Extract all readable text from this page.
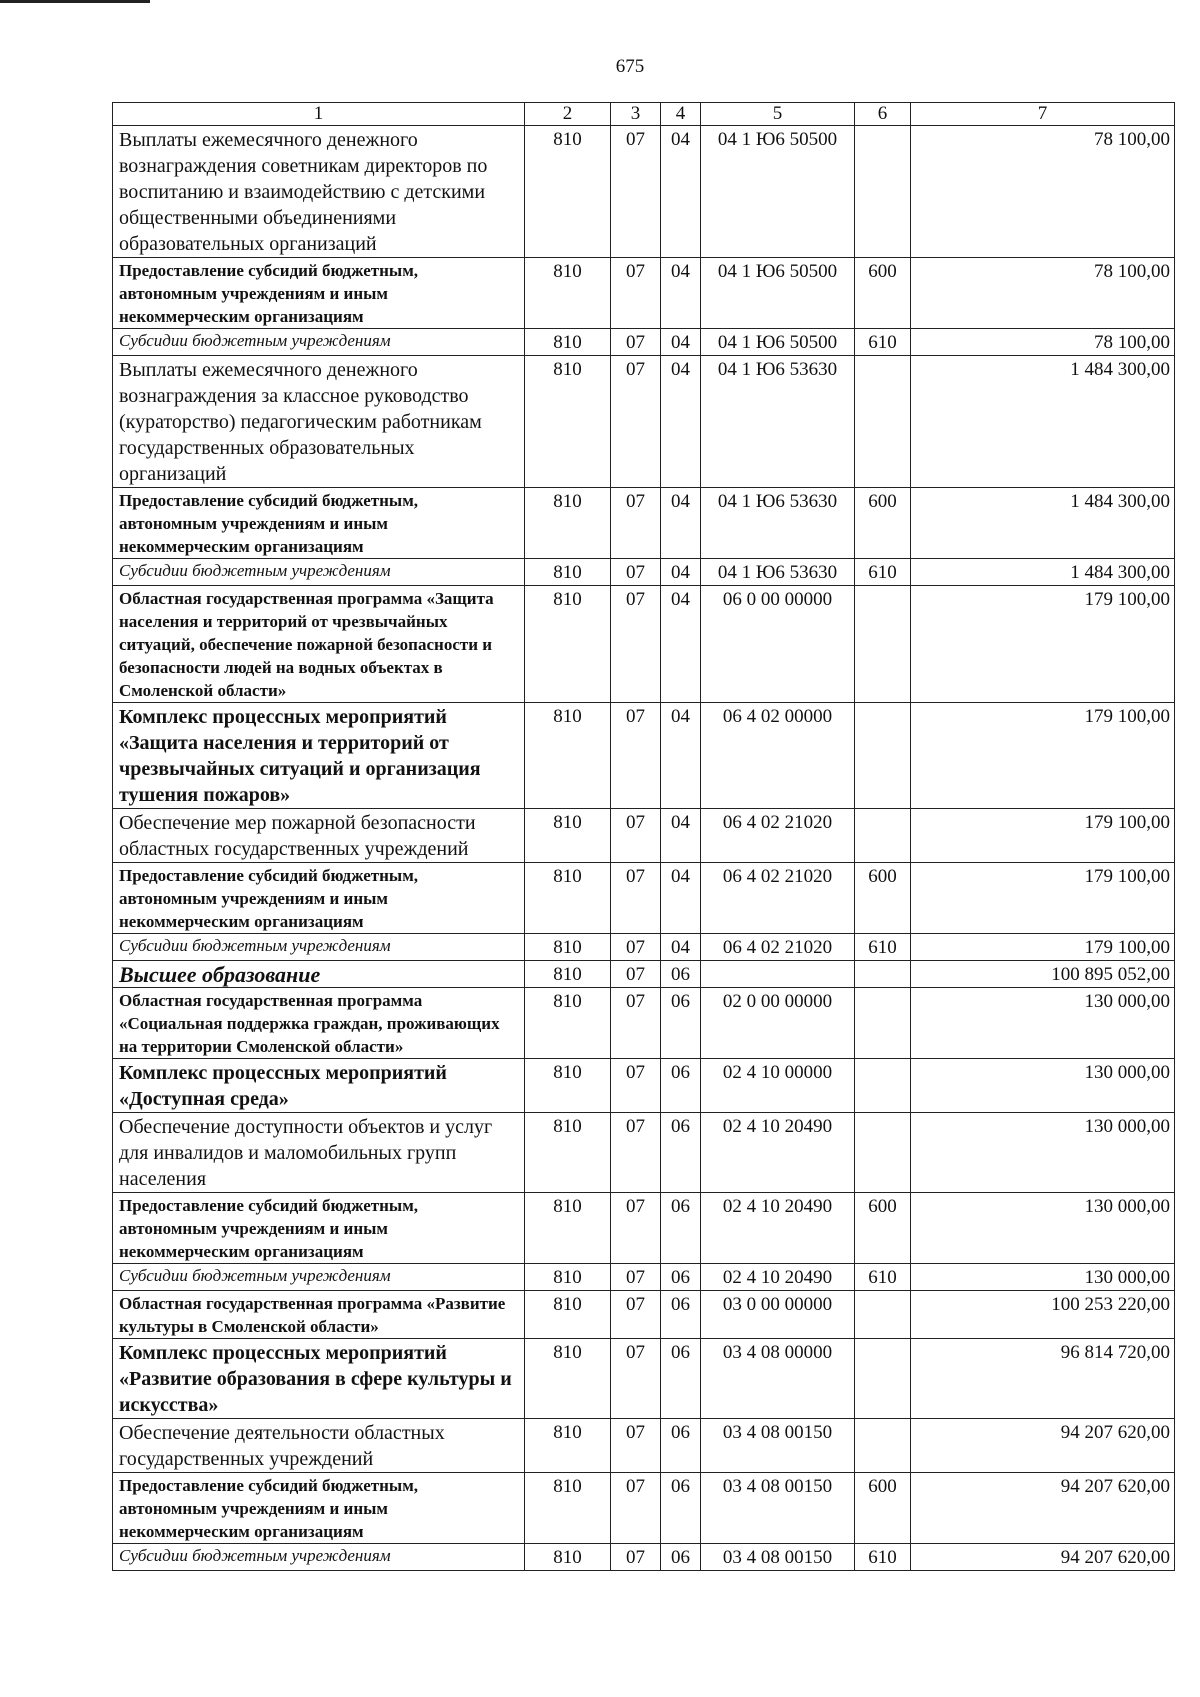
675
1	2	3	4	5	6	7
Выплаты ежемесячного денежного вознаграждения советникам директоров по воспитанию и взаимодействию с детскими общественными объединениями образовательных организаций	810	07	04	04 1 Ю6 50500		78 100,00
Предоставление субсидий бюджетным, автономным учреждениям и иным некоммерческим организациям	810	07	04	04 1 Ю6 50500	600	78 100,00
Субсидии бюджетным учреждениям	810	07	04	04 1 Ю6 50500	610	78 100,00
Выплаты ежемесячного денежного вознаграждения за классное руководство (кураторство) педагогическим работникам государственных образовательных организаций	810	07	04	04 1 Ю6 53630		1 484 300,00
Предоставление субсидий бюджетным, автономным учреждениям и иным некоммерческим организациям	810	07	04	04 1 Ю6 53630	600	1 484 300,00
Субсидии бюджетным учреждениям	810	07	04	04 1 Ю6 53630	610	1 484 300,00
Областная государственная программа «Защита населения и территорий от чрезвычайных ситуаций, обеспечение пожарной безопасности и безопасности людей на водных объектах в Смоленской области»	810	07	04	06 0 00 00000		179 100,00
Комплекс процессных мероприятий «Защита населения и территорий от чрезвычайных ситуаций и организация тушения пожаров»	810	07	04	06 4 02 00000		179 100,00
Обеспечение мер пожарной безопасности областных государственных учреждений	810	07	04	06 4 02 21020		179 100,00
Предоставление субсидий бюджетным, автономным учреждениям и иным некоммерческим организациям	810	07	04	06 4 02 21020	600	179 100,00
Субсидии бюджетным учреждениям	810	07	04	06 4 02 21020	610	179 100,00
Высшее образование	810	07	06			100 895 052,00
Областная государственная программа «Социальная поддержка граждан, проживающих на территории Смоленской области»	810	07	06	02 0 00 00000		130 000,00
Комплекс процессных мероприятий «Доступная среда»	810	07	06	02 4 10 00000		130 000,00
Обеспечение доступности объектов и услуг для инвалидов и маломобильных групп населения	810	07	06	02 4 10 20490		130 000,00
Предоставление субсидий бюджетным, автономным учреждениям и иным некоммерческим организациям	810	07	06	02 4 10 20490	600	130 000,00
Субсидии бюджетным учреждениям	810	07	06	02 4 10 20490	610	130 000,00
Областная государственная программа «Развитие культуры в Смоленской области»	810	07	06	03 0 00 00000		100 253 220,00
Комплекс процессных мероприятий «Развитие образования в сфере культуры и искусства»	810	07	06	03 4 08 00000		96 814 720,00
Обеспечение деятельности областных государственных учреждений	810	07	06	03 4 08 00150		94 207 620,00
Предоставление субсидий бюджетным, автономным учреждениям и иным некоммерческим организациям	810	07	06	03 4 08 00150	600	94 207 620,00
Субсидии бюджетным учреждениям	810	07	06	03 4 08 00150	610	94 207 620,00
